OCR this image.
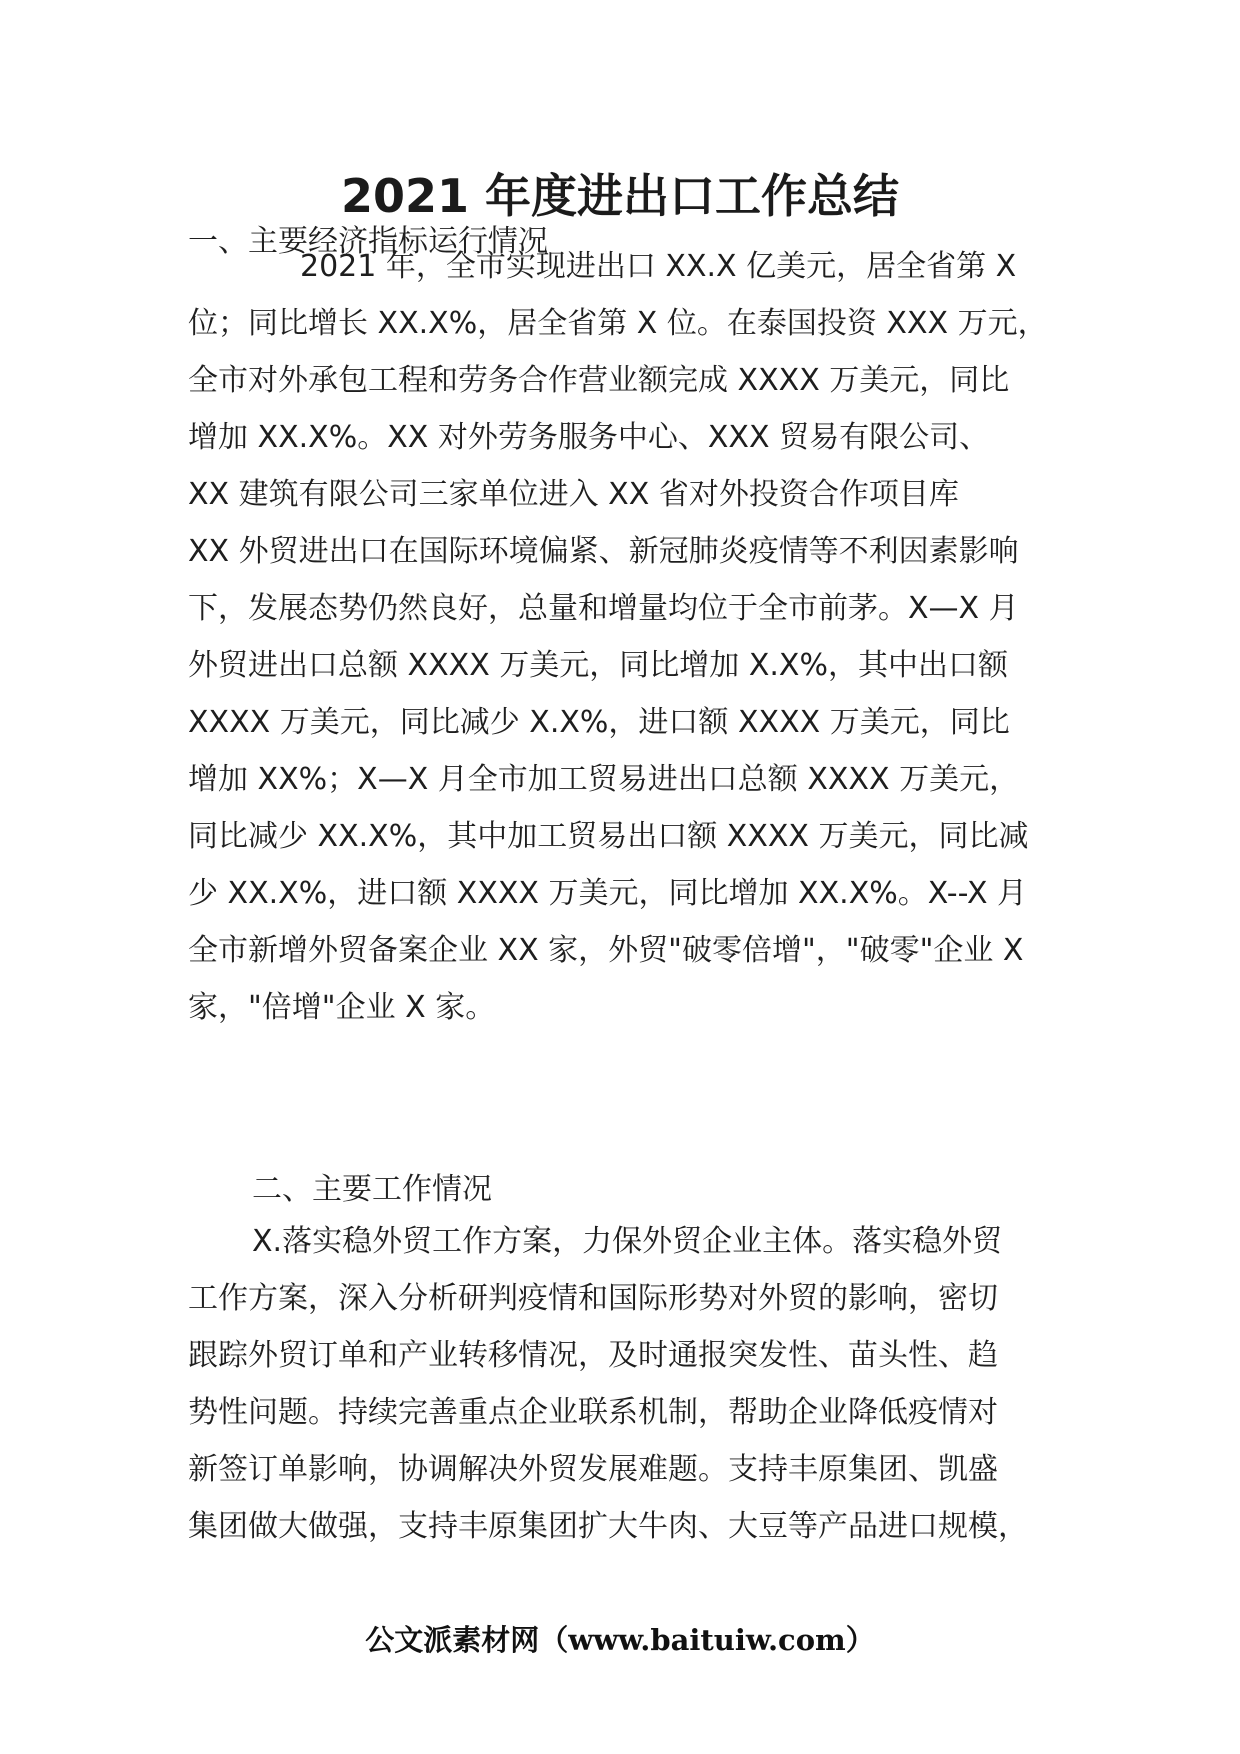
2021 年度进出口工作总结
一、主要经济指标运行情况
2021 年，全市实现进出口 XX.X 亿美元，居全省第 X
位；同比增长 XX.X%，居全省第 X 位。在泰国投资 XXX 万元，
全市对外承包工程和劳务合作营业额完成 XXXX 万美元，同比
增加 XX.X%。XX 对外劳务服务中心、XXX 贸易有限公司、
XX 建筑有限公司三家单位进入 XX 省对外投资合作项目库
XX 外贸进出口在国际环境偏紧、新冠肺炎疫情等不利因素影响
下，发展态势仍然良好，总量和增量均位于全市前茅。X—X 月
外贸进出口总额 XXXX 万美元，同比增加 X.X%，其中出口额
XXXX 万美元，同比减少 X.X%，进口额 XXXX 万美元，同比
增加 XX%；X—X 月全市加工贸易进出口总额 XXXX 万美元，
同比减少 XX.X%，其中加工贸易出口额 XXXX 万美元，同比减
少 XX.X%，进口额 XXXX 万美元，同比增加 XX.X%。X--X 月
全市新增外贸备案企业 XX 家，外贸"破零倍增"，"破零"企业 X
家，"倍增"企业 X 家。
二、主要工作情况
X.落实稳外贸工作方案，力保外贸企业主体。落实稳外贸
工作方案，深入分析研判疫情和国际形势对外贸的影响，密切
跟踪外贸订单和产业转移情况，及时通报突发性、苗头性、趋
势性问题。持续完善重点企业联系机制，帮助企业降低疫情对
新签订单影响，协调解决外贸发展难题。支持丰原集团、凯盛
集团做大做强，支持丰原集团扩大牛肉、大豆等产品进口规模，
公文派素材网（www.baituiw.com）
